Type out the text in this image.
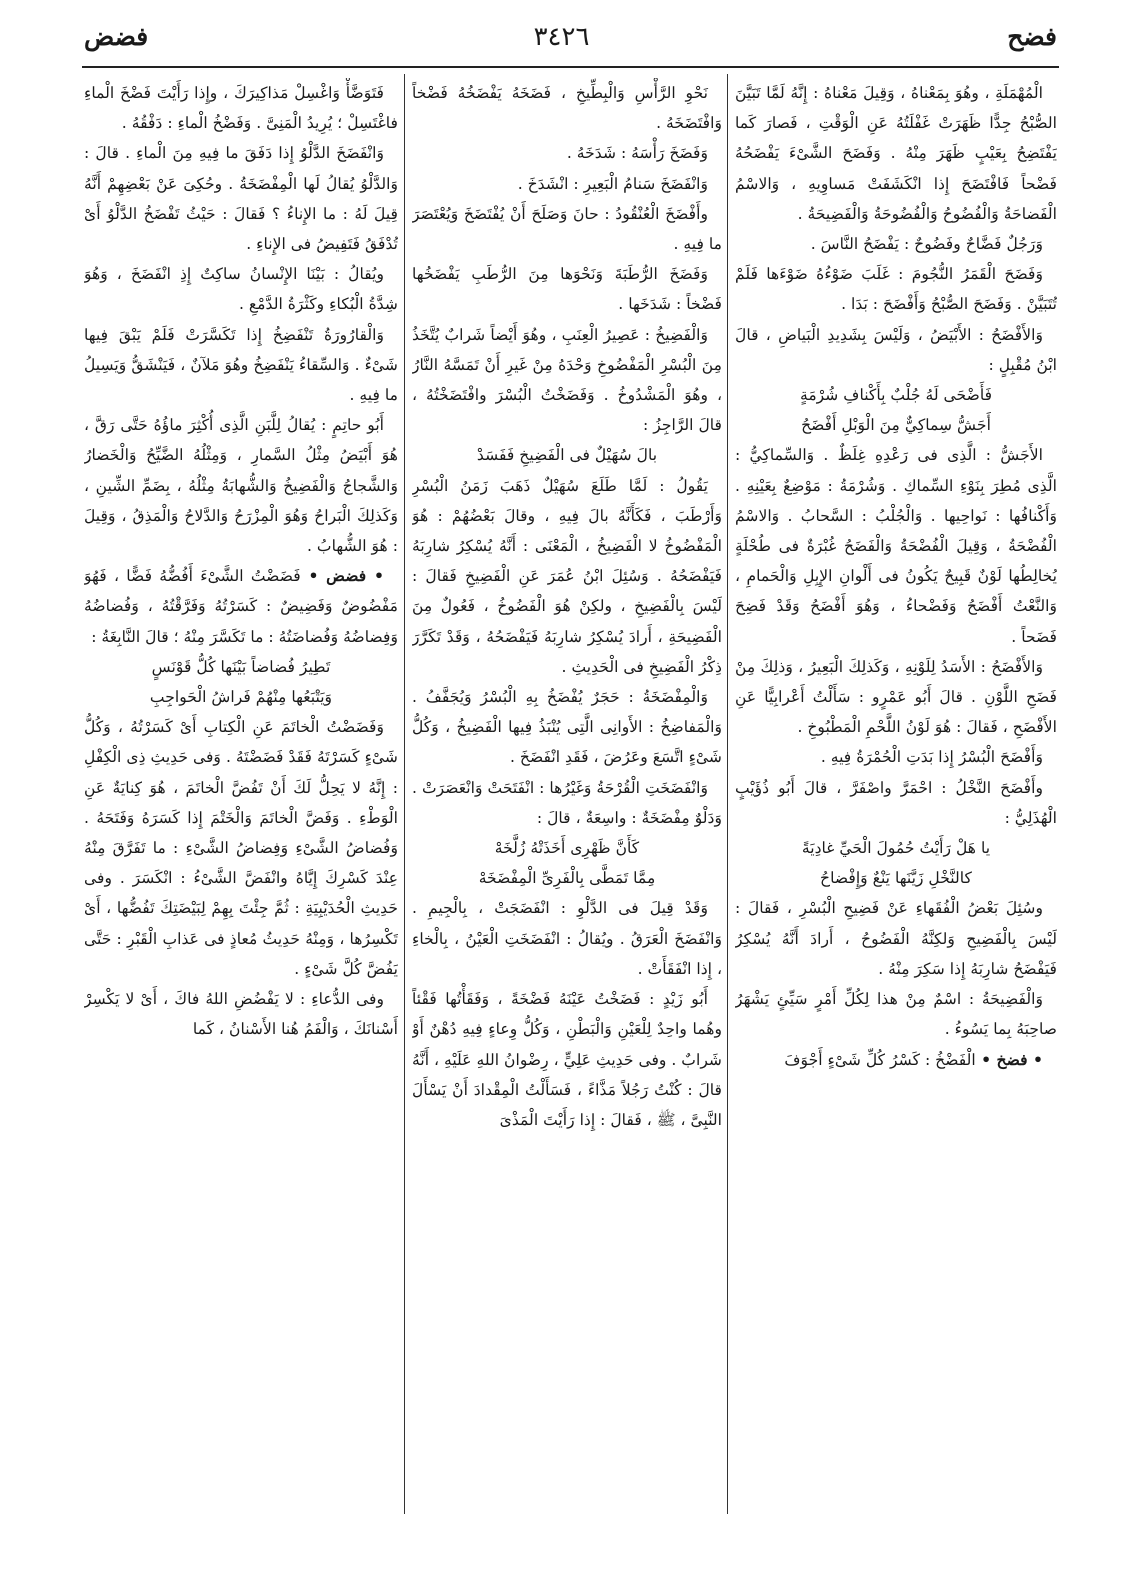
فضح
٣٤٢٦
فضض

الْمُهْمَلَةِ ، وهُوَ بِمَعْناهُ ، وَقِيلَ مَعْناهُ : إِنَّهُ لَمَّا تَبَيَّنَ الصُّبْحُ جِدًّا ظَهَرَتْ غَفْلَتُهُ عَنِ الْوَقْتِ ، فَصارَ كَما يَفْتَضِحُ بِعَيْبٍ ظَهَرَ مِنْهُ . وَفَضَحَ الشَّىْءَ يَفْضَحُهُ فَضْحاً فَافْتَضَحَ إِذا انْكَشَفَتْ مَساوِيهِ ، وَالاسْمُ الْفَضاحَةُ وَالْفُضُوحُ وَالْفُضُوحَةُ وَالْفَضِيحَةُ .

وَرَجُلٌ فَضَّاحٌ وفَضُوحٌ : يَفْضَحُ النَّاسَ .

وَفَضَحَ الْقَمَرُ النُّجُومَ : غَلَبَ ضَوْءُهُ ضَوْءَها فَلَمْ تُتَبَيَّنْ . وَفَضَحَ الصُّبْحُ وَأَفْضَحَ : بَدَا .

وَالأَفْضَحُ : الأَبْيَضُ ، وَلَيْسَ بِشَدِيدِ الْبَياضِ ، قالَ ابْنُ مُقْبِلٍ :

فَأَضْحَى لَهُ جُلْبٌ بِأَكْنافِ شُرْمَةٍ

أَجَشُّ سِماكِيٌّ مِنَ الْوَبْلِ أَفْضَحُ

الأَجَشُّ : الَّذِى فى رَعْدِهِ غِلَظٌ . وَالسِّماكِيُّ : الَّذِى مُطِرَ بِنَوْءِ السِّماكِ . وَشُرْمَةُ : مَوْضِعٌ بِعَيْنِهِ . وَأَكْنافُها : نَواحِيها . وَالْجُلْبُ : السَّحابُ . وَالاسْمُ الْفُضْحَةُ ، وَقِيلَ الْفُضْحَةُ وَالْفَضَحُ غُبْرَةٌ فى طُحْلَةٍ يُخالِطُها لَوْنٌ قَبِيحٌ يَكُونُ فى أَلْوانِ الإِبِلِ وَالْحَمامِ ، وَالنَّعْتُ أَفْضَحُ وَفَضْحاءُ ، وَهُوَ أَفْضَحُ وَقَدْ فَضِحَ فَضَحاً .

وَالأَفْضَحُ : الأَسَدُ لِلَوْنِهِ ، وَكَذلِكَ الْبَعِيرُ ، وَذلِكَ مِنْ فَضَحِ اللَّوْنِ . قالَ أَبُو عَمْرٍو : سَأَلْتُ أَعْرابِيًّا عَنِ الأَفْضَحِ ، فَقالَ : هُوَ لَوْنُ اللَّحْمِ الْمَطْبُوخِ .

وَأَفْضَحَ الْبُسْرُ إِذا بَدَتِ الْحُمْرَةُ فِيهِ .

وأَفْضَحَ النَّخْلُ : احْمَرَّ واصْفَرَّ ، قالَ أَبُو ذُؤَيْبٍ الْهُذَلِيُّ :

يا هَلْ رَأَيْتُ حُمُولَ الْحَيِّ غادِيَةً

كالنَّخْلِ زَيَّنَها يَنْعٌ وَإِفْضاحُ

وسُئِلَ بَعْضُ الْفُقَهاءِ عَنْ فَضِيحِ الْبُسْرِ ، فَقالَ : لَيْسَ بِالْفَضِيحِ وَلكِنَّهُ الْفَضُوحُ ، أَرادَ أَنَّهُ يُسْكِرُ فَيَفْضَحُ شارِبَهُ إِذا سَكِرَ مِنْهُ .

وَالْفَضِيحَةُ : اسْمٌ مِنْ هذا لِكُلِّ أَمْرٍ سَيِّئٍ يَشْهَرُ صاحِبَهُ بِما يَسُوءُ .

• فضخ • الْفَضْخُ : كَسْرُ كُلِّ شَىْءٍ أَجْوَفَ

نَحْوِ الرَّأْسِ وَالْبِطِّيخِ ، فَضَخَهُ يَفْضَخُهُ فَضْخاً وَافْتَضَخَهُ .

وَفَضَخَ رَأْسَهُ : شَدَخَهُ .

وَانْفَضَخَ سَنامُ الْبَعِيرِ : انْشَدَخَ .

وأَفْضَخَ الْعُنْقُودُ : حانَ وَصَلَحَ أَنْ يُفْتَضَخَ وَيُعْتَصَرَ ما فِيهِ .

وَفَضَخَ الرُّطَبَةَ وَنَحْوَها مِنَ الرُّطَبِ يَفْضَخُها فَضْخاً : شَدَخَها .

وَالْفَضِيخُ : عَصِيرُ الْعِنَبِ ، وهُوَ أَيْضاً شَرابٌ يُتَّخَذُ مِنَ الْبُسْرِ الْمَفْضُوخِ وَحْدَهُ مِنْ غَيرِ أَنْ تَمَسَّهُ النَّارُ ، وهُوَ الْمَشْدُوخُ . وَفَضَخْتُ الْبُسْرَ وافْتَضَخْتُهُ ، قالَ الرَّاجِزُ :

بالَ سُهَيْلٌ فى الْفَضِيخِ فَفَسَدْ

يَقُولُ : لَمَّا طَلَعَ سُهَيْلٌ ذَهَبَ زَمَنُ الْبُسْرِ وَأَرْطَبَ ، فَكَأَنَّهُ بالَ فِيهِ ، وقالَ بَعْضُهُمْ : هُوَ الْمَفْضُوخُ لا الْفَضِيخُ ، الْمَعْنَى : أَنَّهُ يُسْكِرُ شارِبَهُ فَيَفْضَحُهُ . وَسُئِلَ ابْنُ عُمَرَ عَنِ الْفَضِيخِ فَقالَ : لَيْسَ بِالْفَضِيخِ ، ولكِنْ هُوَ الْفَضُوخُ ، فَعُولٌ مِنَ الْفَضِيحَةِ ، أَرادَ يُسْكِرُ شارِبَهُ فَيَفْضَحُهُ ، وَقَدْ تَكَرَّرَ ذِكْرُ الْفَضِيخِ فى الْحَدِيثِ .

وَالْمِفْضَخَةُ : حَجَرٌ يُفْضَخُ بِهِ الْبُسْرُ وَيُجَفَّفُ . وَالْمَفاضِخُ : الأَوانِى الَّتِى يُنْبَذُ فِيها الْفَضِيخُ ، وَكُلُّ شَىْءٍ اتَّسَعَ وعَرُضَ ، فَقَدِ انْفَضَخَ .

وَانْفَضَخَتِ الْقُرْحَةُ وَغَيْرُها : انْفَتَحَتْ وَانْعَصَرَتْ . وَدَلْوٌ مِفْضَخَةٌ : واسِعَةٌ ، قالَ :

كَأَنَّ ظَهْرِى أَخَذَتْهُ زُلَّخَهْ

مِمَّا تَمَطَّى بِالْفَرِىِّ الْمِفْضَخَهْ

وَقَدْ قِيلَ فى الدَّلْوِ : انْفَضَجَتْ ، بِالْجِيمِ . وَانْفَضَخَ الْعَرَقُ . ويُقالُ : انْفَضَخَتِ الْعَيْنُ ، بِالْخاءِ ، إِذا انْفَقَأَتْ .

أَبُو زَيْدٍ : فَضَخْتُ عَيْنَهُ فَضْخَةً ، وَفَقَأْتُها فَقْئاً وهُما واحِدٌ لِلْعَيْنِ وَالْبَطْنِ ، وَكُلُّ وِعاءٍ فِيهِ دُهْنٌ أَوْ شَرابٌ . وفى حَدِيثِ عَلِيٍّ ، رِضْوانُ اللهِ عَلَيْهِ ، أَنَّهُ قالَ : كُنْتُ رَجُلاً مَذَّاءً ، فَسَأَلْتُ الْمِقْدادَ أَنْ يَسْأَلَ النَّبِىَّ ، ﷺ ، فَقالَ : إِذا رَأَيْتَ الْمَذْىَ

فَتَوَضَّأْ وَاغْسِلْ مَذاكِيرَكَ ، وإِذا رَأَيْتَ فَضْخَ الْماءِ فاغْتَسِلْ ؛ يُرِيدُ الْمَنِىَّ . وَفَضْخُ الْماءِ : دَفْقُهُ .

وَانْفَضَخَ الدَّلْوُ إِذا دَفَقَ ما فِيهِ مِنَ الْماءِ . قالَ : وَالدَّلْوُ يُقالُ لَها الْمِفْضَخَةُ . وحُكِىَ عَنْ بَعْضِهِمْ أَنَّهُ قِيلَ لَهُ : ما الإِناءُ ؟ فَقالَ : حَيْثُ تَفْضَخُ الدَّلْوُ أَىْ تُدْفَقُ فَتَفِيضُ فى الإِناءِ .

ويُقالُ : بَيْنَا الإِنْسانُ ساكِتٌ إِذِ انْفَضَخَ ، وَهُوَ شِدَّةُ الْبُكاءِ وكَثْرَةُ الدَّمْعِ .

وَالْقارُورَةُ تَنْفَضِخُ إِذا تَكَسَّرَتْ فَلَمْ يَبْقَ فِيها شَىْءٌ . وَالسِّقاءُ يَنْفَضِخُ وهُوَ مَلآنٌ ، فَيَنْشَقُّ وَيَسِيلُ ما فِيهِ .

أَبُو حاتِمٍ : يُقالُ لِلَّبَنِ الَّذِى أُكْثِرَ ماؤُهُ حَتَّى رَقَّ ، هُوَ أَبْيَضُ مِثْلُ السَّمارِ ، وَمِثْلُهُ الضَّيِّحُ وَالْخَضارُ وَالشَّجاجُ وَالْفَضِيخُ وَالشُّهابَةُ مِثْلُهُ ، بِضَمِّ الشِّينِ ، وَكَذلِكَ الْبَراحُ وَهُوَ الْمِزْرَحُ وَالدَّلاحُ وَالْمَذِقُ ، وَقِيلَ : هُوَ الشُّهابُ .

• فضض • فَضَضْتُ الشَّىْءَ أَفُضُّهُ فَضًّا ، فَهُوَ مَفْضُوضٌ وَفَضِيضٌ : كَسَرْتُهُ وَفَرَّقْتُهُ ، وَفُضاضُهُ وَفِضاضُهُ وَفُضاضَتُهُ : ما تَكَسَّرَ مِنْهُ ؛ قالَ النَّابِغَةُ :

تَطِيرُ فُضاضاً بَيْنَها كُلُّ قَوْنَسٍ

وَيَتْبَعُها مِنْهُمْ فَراشُ الْحَواجِبِ

وَفَضَضْتُ الْخاتَمَ عَنِ الْكِتابِ أَىْ كَسَرْتُهُ ، وَكُلُّ شَىْءٍ كَسَرْتَهُ فَقَدْ فَضَضْتَهُ . وَفى حَدِيثِ ذِى الْكِفْلِ : إِنَّهُ لا يَحِلُّ لَكَ أَنْ تَفُضَّ الْخاتَمَ ، هُوَ كِنايَةٌ عَنِ الْوَطْءِ . وَفَضَّ الْخاتَمَ وَالْخَتْمَ إِذا كَسَرَهُ وَفَتَحَهُ . وَفُضاضُ الشَّىْءِ وَفِضاضُ الشَّىْءِ : ما تَفَرَّقَ مِنْهُ عِنْدَ كَسْرِكَ إِيَّاهُ وانْفَضَّ الشَّىْءُ : انْكَسَرَ . وفى حَدِيثِ الْحُدَيْبِيَةِ : ثُمَّ جِئْتَ بِهِمْ لِبَيْضَتِكَ تَفُضُّها ، أَىْ تَكْسِرُها ، وَمِنْهُ حَدِيثُ مُعاذٍ فى عَذابِ الْقَبْرِ : حَتَّى يَفُضَّ كُلَّ شَىْءٍ .

وفى الدُّعاءِ : لا يَفْضُضِ اللهُ فاكَ ، أَىْ لا يَكْسِرْ أَسْنانَكَ ، وَالْفَمُ هُنا الأَسْنانُ ، كَما
